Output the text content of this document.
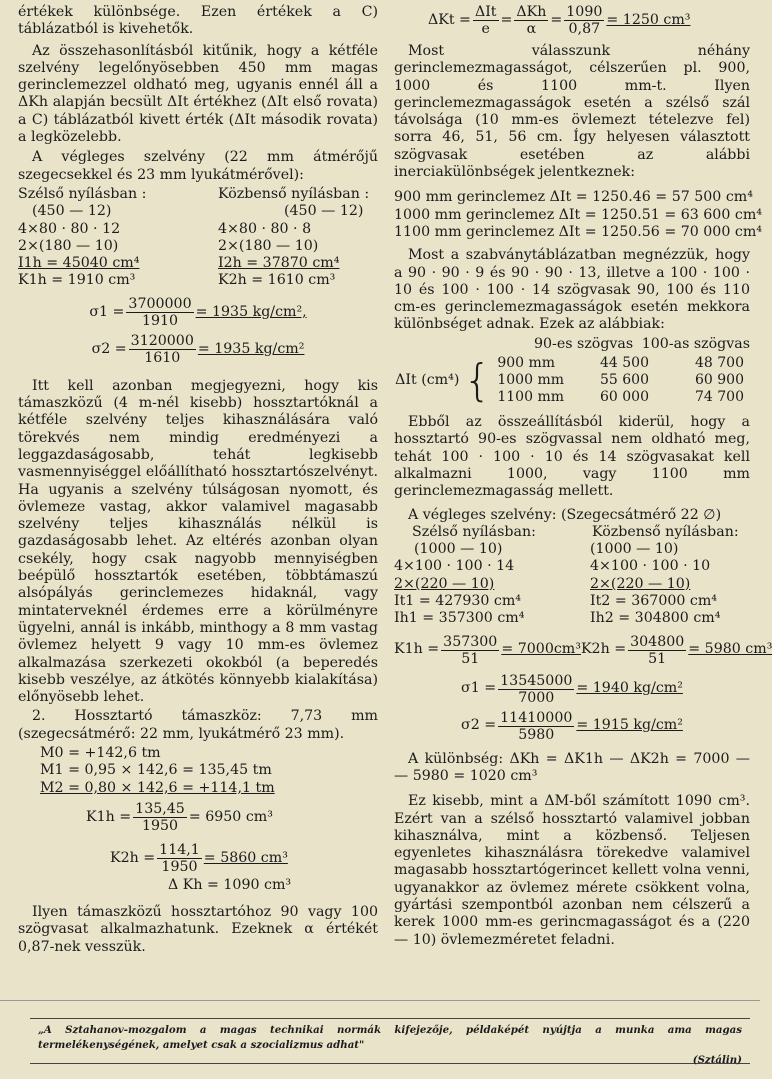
értékek különbsége. Ezen értékek a C) táblázatból is kivehetők.

Az összehasonlításból kitűnik, hogy a kétféle szelvény legelőnyösebben 450 mm magas gerinclemezzel oldható meg, ugyanis ennél áll a ΔKh alapján becsült ΔIt értékhez (ΔIt első rovata) a C) táblázatból kivett érték (ΔIt második rovata) a legközelebb.

A végleges szelvény (22 mm átmérőjű szegecsekkel és 23 mm lyukátmérővel):

Szélső nyílásban :	Közbenső nyílásban :
(450 — 12)	(450 — 12)
4×80 · 80 · 12	4×80 · 80 · 8
2×(180 — 10)	2×(180 — 10)
I1h = 45040 cm⁴	I2h = 37870 cm⁴
K1h = 1910 cm³	K2h = 1610 cm³
$\sigma 1 = \frac{3700000}{1910} = 1935$ kg/cm²,
$\sigma 2 = \frac{3120000}{1610} = 1935$ kg/cm²

Itt kell azonban megjegyezni, hogy kis támaszközű (4 m-nél kisebb) hossztartóknál a kétféle szelvény teljes kihasználására való törekvés nem mindig eredményezi a leggazdaságosabb, tehát legkisebb vasmennyiséggel előállítható hossztartószelvényt. Ha ugyanis a szelvény túlságosan nyomott, és övlemeze vastag, akkor valamivel magasabb szelvény teljes kihasználás nélkül is gazdaságosabb lehet. Az eltérés azonban olyan csekély, hogy csak nagyobb mennyiségben beépülő hossztartók esetében, többtámaszú alsópályás gerinclemezes hidaknál, vagy mintaterveknél érdemes erre a körülményre ügyelni, annál is inkább, minthogy a 8 mm vastag övlemez helyett 9 vagy 10 mm-es övlemez alkalmazása szerkezeti okokból (a beperedés kisebb veszélye, az átkötés könnyebb kialakítása) előnyösebb lehet.

2. Hossztartó támaszköz: 7,73 mm (szegecsátmérő: 22 mm, lyukátmérő 23 mm).

M0 = +142,6 tm
M1 = 0,95 × 142,6 = 135,45 tm
M2 = 0,80 × 142,6 = +114,1 tm
$K1h = \frac{135,45}{1950} = 6950$ cm³
$K2h = \frac{114,1}{1950} = 5860$ cm³
Δ Kh = 1090 cm³

Ilyen támaszközű hossztartóhoz 90 vagy 100 szögvasat alkalmazhatunk. Ezeknek α értékét 0,87-nek vesszük.

$\Delta Kt = \frac{\text{ΔIt}}{e} = \frac{\text{ΔKh}}{\alpha} = \frac{1090}{0,87} = 1250$ cm³

Most válasszunk néhány gerinclemezmagasságot, célszerűen pl. 900, 1000 és 1100 mm-t. Ilyen gerinclemezmagasságok esetén a szélső szál távolsága (10 mm-es övlemezt tételezve fel) sorra 46, 51, 56 cm. Így helyesen választott szögvasak esetében az alábbi inerciakülönbségek jelentkeznek:

900 mm gerinclemez ΔIt = 1250.46 = 57 500 cm⁴
1000 mm gerinclemez ΔIt = 1250.51 = 63 600 cm⁴
1100 mm gerinclemez ΔIt = 1250.56 = 70 000 cm⁴

Most a szabványtáblázatban megnézzük, hogy a 90 · 90 · 9 és 90 · 90 · 13, illetve a 100 · 100 · 10 és 100 · 100 · 14 szögvasak 90, 100 és 110 cm-es gerinclemezmagasságok esetén mekkora különbséget adnak. Ezek az alábbiak:

90-es szögvas 100-as szögvas
ΔIt (cm⁴) { 900 mm	44 500	48 700
1000 mm	55 600	60 900
1100 mm	60 000	74 700

Ebből az összeállításból kiderül, hogy a hossztartó 90-es szögvassal nem oldható meg, tehát 100 · 100 · 10 és 14 szögvasakat kell alkalmazni 1000, vagy 1100 mm gerinclemezmagasság mellett.

A végleges szelvény: (Szegecsátmérő 22 ∅)

Szélső nyílásban:	Közbenső nyílásban:
(1000 — 10)	(1000 — 10)
4×100 · 100 · 14	4×100 · 100 · 10
2×(220 — 10)	2×(220 — 10)
It1 = 427930 cm⁴	It2 = 367000 cm⁴
Ih1 = 357300 cm⁴	Ih2 = 304800 cm⁴
$K1h = \frac{357300}{51} = 7000cm^3$ $K2h = \frac{304800}{51} = 5980$ cm³
$\sigma 1 = \frac{13545000}{7000} = 1940$ kg/cm²
$\sigma 2 = \frac{11410000}{5980} = 1915$ kg/cm²

A különbség: ΔKh = ΔK1h — ΔK2h = 7000 — — 5980 = 1020 cm³

Ez kisebb, mint a ΔM-ből számított 1090 cm³. Ezért van a szélső hossztartó valamivel jobban kihasználva, mint a közbenső. Teljesen egyenletes kihasználásra törekedve valamivel magasabb hossztartógerincet kellett volna venni, ugyanakkor az övlemez mérete csökkent volna, gyártási szempontból azonban nem célszerű a kerek 1000 mm-es gerincmagasságot és a (220 — 10) övlemezméretet feladni.

„A Sztahanov-mozgalom a magas technikai normák kifejezője, példaképét nyújtja a munka ama magas termelékenységének, amelyet csak a szocializmus adhat"
(Sztálin)
